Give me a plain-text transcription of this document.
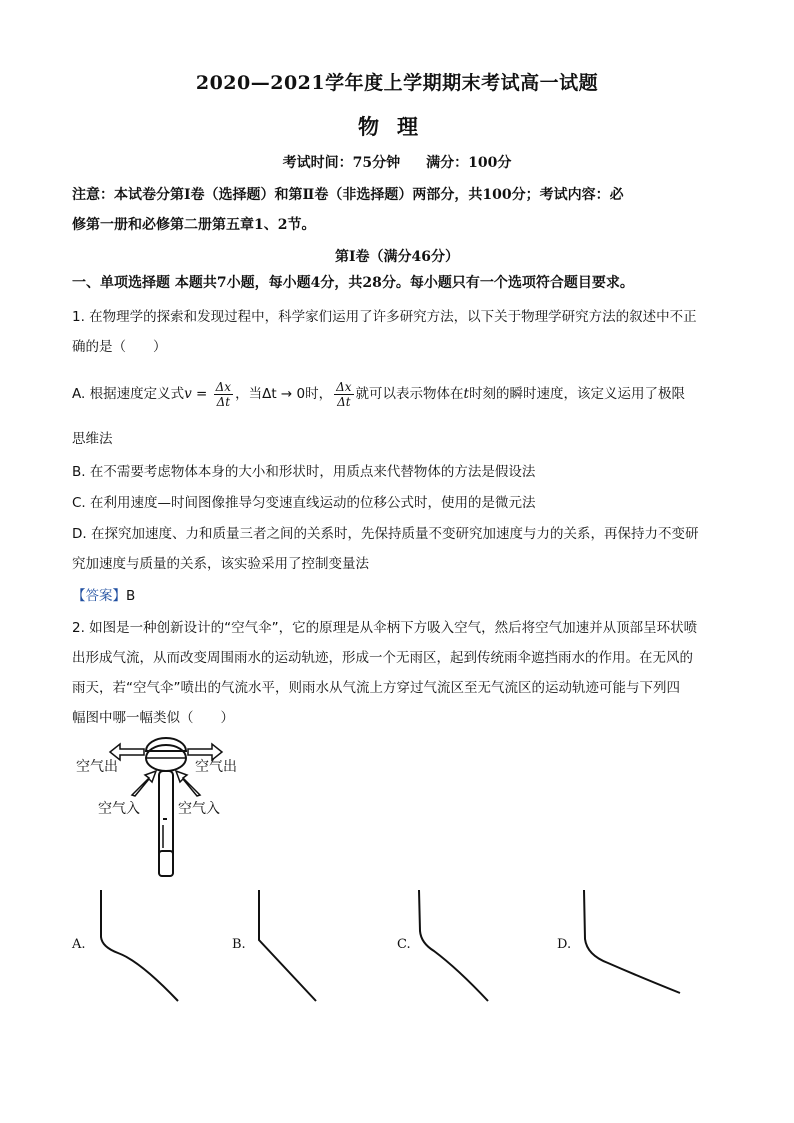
2020—2021学年度上学期期末考试高一试题
物理
考试时间：75分钟 满分：100分
注意：本试卷分第Ⅰ卷（选择题）和第Ⅱ卷（非选择题）两部分，共100分；考试内容：必
修第一册和必修第二册第五章1、2节。
第Ⅰ卷（满分46分）
一、单项选择题 本题共7小题，每小题4分，共28分。每小题只有一个选项符合题目要求。
1. 在物理学的探索和发现过程中，科学家们运用了许多研究方法，以下关于物理学研究方法的叙述中不正
确的是（　　）
A. 根据速度定义式$v = \frac{\Delta x}{\Delta t}$ ，当Δt → 0时， $\frac{\Delta x}{\Delta t}$ 就可以表示物体在t时刻的瞬时速度，该定义运用了极限
思维法
B. 在不需要考虑物体本身的大小和形状时，用质点来代替物体的方法是假设法
C. 在利用速度—时间图像推导匀变速直线运动的位移公式时，使用的是微元法
D. 在探究加速度、力和质量三者之间的关系时，先保持质量不变研究加速度与力的关系，再保持力不变研
究加速度与质量的关系，该实验采用了控制变量法
【答案】B
2. 如图是一种创新设计的“空气伞”，它的原理是从伞柄下方吸入空气，然后将空气加速并从顶部呈环状喷
出形成气流，从而改变周围雨水的运动轨迹，形成一个无雨区，起到传统雨伞遮挡雨水的作用。在无风的
雨天，若“空气伞”喷出的气流水平，则雨水从气流上方穿过气流区至无气流区的运动轨迹可能与下列四
幅图中哪一幅类似（　　）
空气出	空气出
空气入	空气入
A.	B.	C.	D.
